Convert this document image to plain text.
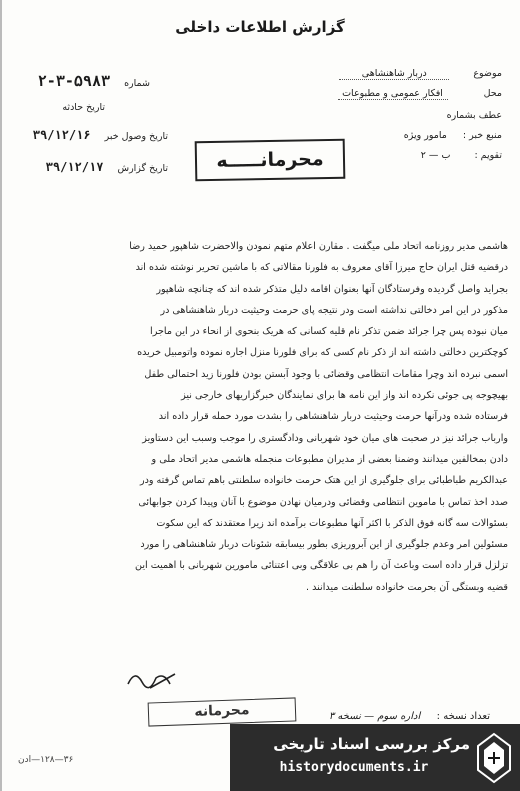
گزارش اطلاعات داخلی
موضوع  دربار شاهنشاهی
محل  افکار عمومی و مطبوعات
عطف بشماره
منبع خبر :  مامور ویژه
تقویم :  ب — ۲
شماره  ۵۹۸۳-۳-۲
تاریخ حادثه
تاریخ وصول خبر  ۳۹/۱۲/۱۶
تاریخ گزارش  ۳۹/۱۲/۱۷	محرمانـــــه
هاشمی مدیر روزنامه اتحاد ملی میگفت . مقارن اعلام متهم نمودن والاحضرت شاهپور حمید رضا
درقضیه قتل ایران حاج میرزا آقای معروف به فلورنا مقالاتی که با ماشین تحریر نوشته شده اند
بجراید واصل گردیده وفرستادگان آنها بعنوان اقامه دلیل متذکر شده اند که چنانچه شاهپور
مذکور در این امر دخالتی نداشته است ودر نتیجه پای حرمت وحیثیت دربار شاهنشاهی در
میان نبوده پس چرا جرائد ضمن تذکر نام قلیه کسانی که هریک بنحوی از انحاء در این ماجرا
کوچکترین دخالتی داشته اند از ذکر نام کسی که برای فلورنا منزل اجاره نموده واتومبیل خریده
اسمی نبرده اند وچرا مقامات انتظامی وقضائی با وجود آبستن بودن فلورنا زید احتمالی طفل
بهیچوجه پی جوئی نکرده اند واز این نامه ها برای نمایندگان خبرگزاریهای خارجی نیز
فرستاده شده ودرآنها حرمت وحیثیت دربار شاهنشاهی را بشدت مورد حمله قرار داده اند
وارباب جرائد نیز در صحبت های میان خود شهربانی ودادگستری را موجب وسبب این دستاویز
دادن بمخالفین میدانند وضمنا بعضی از مدیران مطبوعات منجمله هاشمی مدیر اتحاد ملی و
عبدالکریم طباطبائی برای جلوگیری از این هتک حرمت خانواده سلطنتی باهم تماس گرفته ودر
صدد اخذ تماس با ماموین انتظامی وقضائی ودرمیان نهادن موضوع با آنان وپیدا کردن جوابهائی
بسئوالات سه گانه فوق الذکر با اکثر آنها مطبوعات برآمده اند زیرا معتقدند که این سکوت
مسئولین امر وعدم جلوگیری از این آبروریزی بطور بیسابقه شئونات دربار شاهنشاهی را مورد
تزلزل قرار داده است وباعث آن را هم بی علاقگی وبی اعتنائی مامورین شهربانی با اهمیت این
قضیه وبستگی آن بحرمت خانواده سلطنت میدانند .
محرمانه	تعداد نسخه :  اداره سوم — نسخه ۳
۳۶—۱۲۸—ادن
مرکز بررسی اسناد تاریخی
historydocuments.ir
